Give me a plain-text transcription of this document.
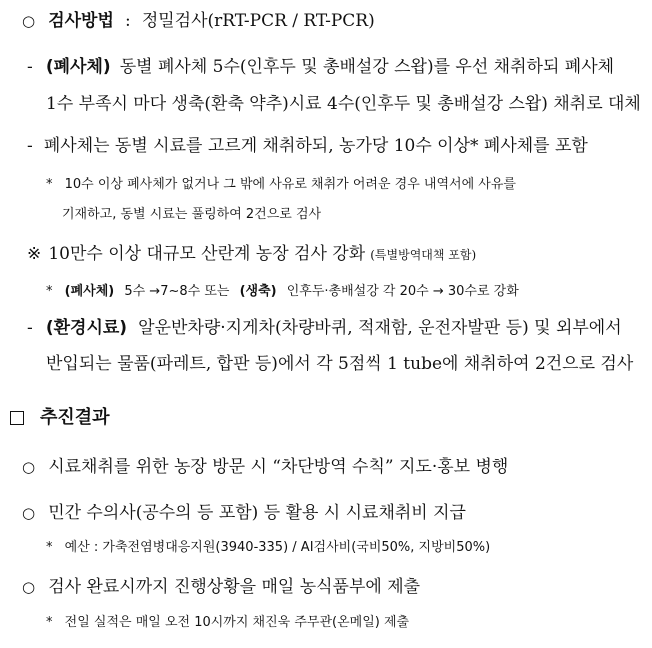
○ 검사방법 : 정밀검사(rRT-PCR / RT-PCR)
- (폐사체) 동별 폐사체 5수(인후두 및 총배설강 스왑)를 우선 채취하되 폐사체
1수 부족시 마다 생축(환축 약추)시료 4수(인후두 및 총배설강 스왑) 채취로 대체
- 폐사체는 동별 시료를 고르게 채취하되, 농가당 10수 이상* 폐사체를 포함
* 10수 이상 폐사체가 없거나 그 밖에 사유로 채취가 어려운 경우 내역서에 사유를
기재하고, 동별 시료는 풀링하여 2건으로 검사
※ 10만수 이상 대규모 산란계 농장 검사 강화 (특별방역대책 포함)
* (폐사체) 5수 →7~8수 또는 (생축) 인후두·총배설강 각 20수 → 30수로 강화
- (환경시료) 알운반차량·지게차(차량바퀴, 적재함, 운전자발판 등) 및 외부에서
반입되는 물품(파레트, 합판 등)에서 각 5점씩 1 tube에 채취하여 2건으로 검사
추진결과
○ 시료채취를 위한 농장 방문 시 “차단방역 수칙” 지도·홍보 병행
○ 민간 수의사(공수의 등 포함) 등 활용 시 시료채취비 지급
* 예산 : 가축전염병대응지원(3940-335) / AI검사비(국비50%, 지방비50%)
○ 검사 완료시까지 진행상황을 매일 농식품부에 제출
* 전일 실적은 매일 오전 10시까지 채진욱 주무관(온메일) 제출
